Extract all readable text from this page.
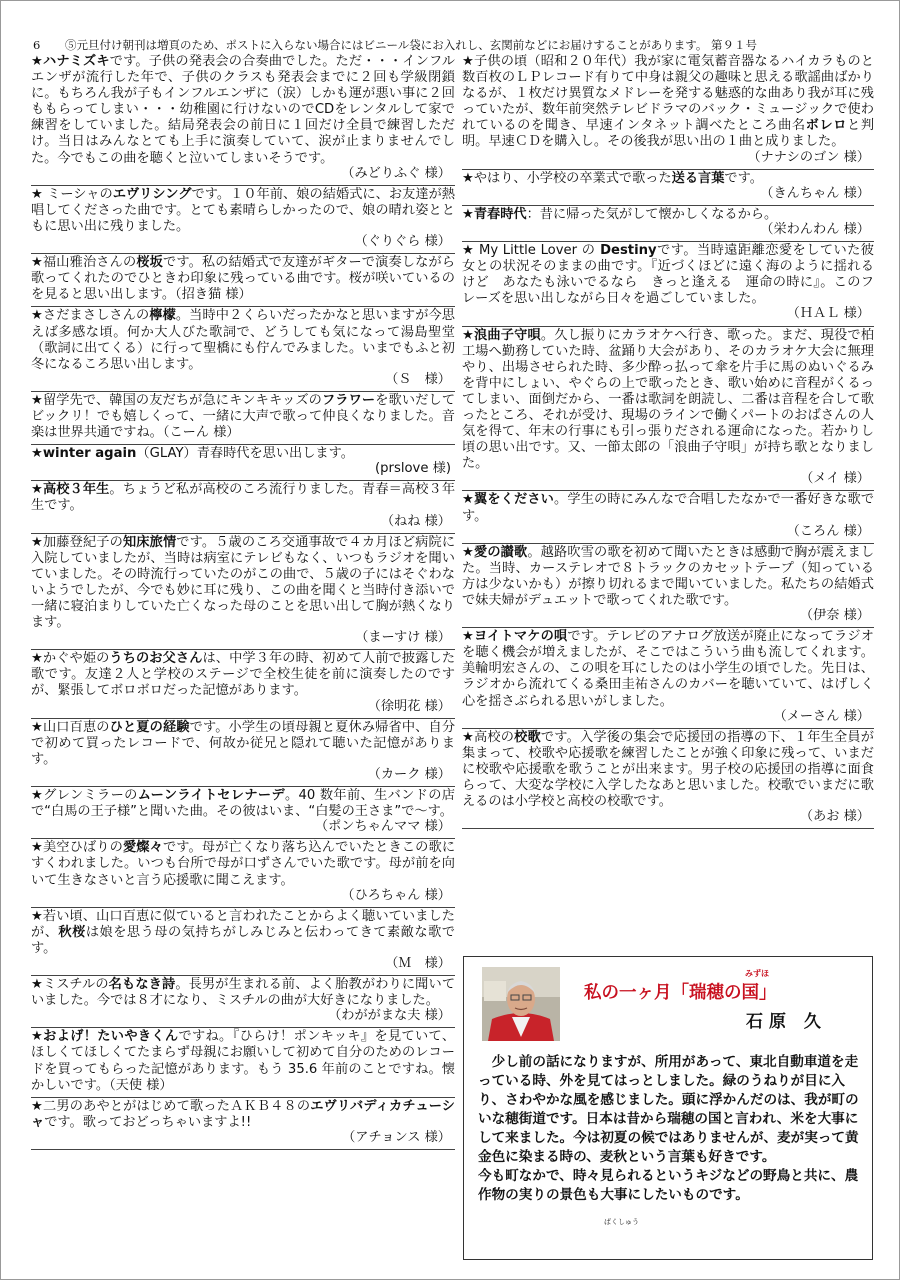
6 ⑤元旦付け朝刊は増頁のため、ポストに入らない場合にはビニール袋にお入れし、玄関前などにお届けすることがあります。 第９１号
★ハナミズキです。子供の発表会の合奏曲でした。ただ・・・インフルエンザが流行した年で、子供のクラスも発表会までに２回も学級閉鎖に。もちろん我が子もインフルエンザに（涙）しかも運が悪い事に２回ももらってしまい・・・幼稚園に行けないのでCDをレンタルして家で練習をしていました。結局発表会の前日に１回だけ全員で練習しただけ。当日はみんなとても上手に演奏していて、涙が止まりませんでした。今でもこの曲を聴くと泣いてしまいそうです。
（みどりふぐ 様）
★ ミーシャのエヴリシングです。１０年前、娘の結婚式に、お友達が熱唱してくださった曲です。とても素晴らしかったので、娘の晴れ姿とともに思い出に残りました。
（ぐりぐら 様）
★福山雅治さんの桜坂です。私の結婚式で友達がギターで演奏しながら歌ってくれたのでひときわ印象に残っている曲です。桜が咲いているのを見ると思い出します。（招き猫 様）
★さだまさしさんの檸檬。当時中２くらいだったかなと思いますが今思えば多感な頃。何か大人びた歌詞で、どうしても気になって湯島聖堂（歌詞に出てくる）に行って聖橋にも佇んでみました。いまでもふと初冬になるころ思い出します。
（Ｓ　様）
★留学先で、韓国の友だちが急にキンキキッズのフラワーを歌いだしてビックリ！でも嬉しくって、一緒に大声で歌って仲良くなりました。音楽は世界共通ですね。（こーん 様）
★winter again（GLAY）青春時代を思い出します。
(prslove 様)
★高校３年生。ちょうど私が高校のころ流行りました。青春＝高校３年生です。
（ねね 様）
★加藤登紀子の知床旅情です。５歳のころ交通事故で４カ月ほど病院に入院していましたが、当時は病室にテレビもなく、いつもラジオを聞いていました。その時流行っていたのがこの曲で、５歳の子にはそぐわないようでしたが、今でも妙に耳に残り、この曲を聞くと当時付き添いで一緒に寝泊まりしていた亡くなった母のことを思い出して胸が熱くなります。
（まーすけ 様）
★かぐや姫のうちのお父さんは、中学３年の時、初めて人前で披露した歌です。友達２人と学校のステージで全校生徒を前に演奏したのですが、緊張してボロボロだった記憶があります。
（徐明花 様）
★山口百恵のひと夏の経験です。小学生の頃母親と夏休み帰省中、自分で初めて買ったレコードで、何故か従兄と隠れて聴いた記憶があります。
（カーク 様）
★グレンミラーのムーンライトセレナーデ。40 数年前、生バンドの店で“白馬の王子様”と聞いた曲。その彼はいま、“白髪の王さま”で～す。
（ポンちゃんママ 様）
★美空ひばりの愛燦々です。母が亡くなり落ち込んでいたときこの歌にすくわれました。いつも台所で母が口ずさんでいた歌です。母が前を向いて生きなさいと言う応援歌に聞こえます。
（ひろちゃん 様）
★若い頃、山口百恵に似ていると言われたことからよく聴いていましたが、秋桜は娘を思う母の気持ちがしみじみと伝わってきて素敵な歌です。
（Ｍ　様）
★ミスチルの名もなき詩。長男が生まれる前、よく胎教がわりに聞いていました。今では８才になり、ミスチルの曲が大好きになりました。
（わががまな夫 様）
★およげ！たいやきくんですね。『ひらけ！ポンキッキ』を見ていて、ほしくてほしくてたまらず母親にお願いして初めて自分のためのレコードを買ってもらった記憶があります。もう 35.6 年前のことですね。懐かしいです。（天使 様）
★二男のあやとがはじめて歌ったＡＫＢ４８のエヴリバディカチューシャです。歌っておどっちゃいますよ!!
（アチョンス 様）
★子供の頃（昭和２０年代）我が家に電気蓄音器なるハイカラものと数百枚のＬＰレコード有りて中身は親父の趣味と思える歌謡曲ばかりなるが、１枚だけ異質なメドレーを発する魅惑的な曲あり我が耳に残っていたが、数年前突然テレビドラマのバック・ミュージックで使われているのを聞き、早速インタネット調べたところ曲名ボレロと判明。早速ＣＤを購入し。その後我が思い出の１曲と成りました。
（ナナシのゴン 様）
★やはり、小学校の卒業式で歌った送る言葉です。
（きんちゃん 様）
★青春時代：昔に帰った気がして懐かしくなるから。
（栄わんわん 様）
★ My Little Lover の Destinyです。当時遠距離恋愛をしていた彼女との状況そのままの曲です。『近づくほどに遠く海のように揺れるけど　あなたも泳いでるなら　きっと逢える　運命の時に』。このフレーズを思い出しながら日々を過ごしていました。
（ＨＡＬ 様）
★浪曲子守唄。久し振りにカラオケへ行き、歌った。まだ、現役で柏工場へ勤務していた時、盆踊り大会があり、そのカラオケ大会に無理やり、出場させられた時、多少酔っ払って傘を片手に馬のぬいぐるみを背中にしょい、やぐらの上で歌ったとき、歌い始めに音程がくるってしまい、面倒だから、一番は歌詞を朗読し、二番は音程を合して歌ったところ、それが受け、現場のラインで働くパートのおばさんの人気を得て、年末の行事にも引っ張りだされる運命になった。若かりし頃の思い出です。又、一節太郎の「浪曲子守唄」が持ち歌となりました。
（メイ 様）
★翼をください。学生の時にみんなで合唱したなかで一番好きな歌です。
（ころん 様）
★愛の讃歌。越路吹雪の歌を初めて聞いたときは感動で胸が震えました。当時、カーステレオで８トラックのカセットテープ（知っている方は少ないかも）が擦り切れるまで聞いていました。私たちの結婚式で妹夫婦がデュエットで歌ってくれた歌です。
（伊奈 様）
★ヨイトマケの唄です。テレビのアナログ放送が廃止になってラジオを聴く機会が増えましたが、そこではこういう曲も流してくれます。美輪明宏さんの、この唄を耳にしたのは小学生の頃でした。先日は、ラジオから流れてくる桑田圭祐さんのカバーを聴いていて、はげしく心を揺さぶられる思いがしました。
（メーさん 様）
★高校の校歌です。入学後の集会で応援団の指導の下、１年生全員が集まって、校歌や応援歌を練習したことが強く印象に残って、いまだに校歌や応援歌を歌うことが出来ます。男子校の応援団の指導に面食らって、大変な学校に入学したなあと思いました。校歌でいまだに歌えるのは小学校と高校の校歌です。
（あお 様）
私の一ヶ月「瑞穂の国」
みずほ
石原 久

少し前の話になりますが、所用があって、東北自動車道を走っている時、外を見てはっとしました。緑のうねりが目に入り、さわやかな風を感じました。頭に浮かんだのは、我が町のいな穂街道です。日本は昔から瑞穂の国と言われ、米を大事にして来ました。今は初夏の候ではありませんが、麦が実って黄金色に染まる時の、麦秋という言葉も好きです。

ばくしゅう

今も町なかで、時々見られるというキジなどの野鳥と共に、農作物の実りの景色も大事にしたいものです。
